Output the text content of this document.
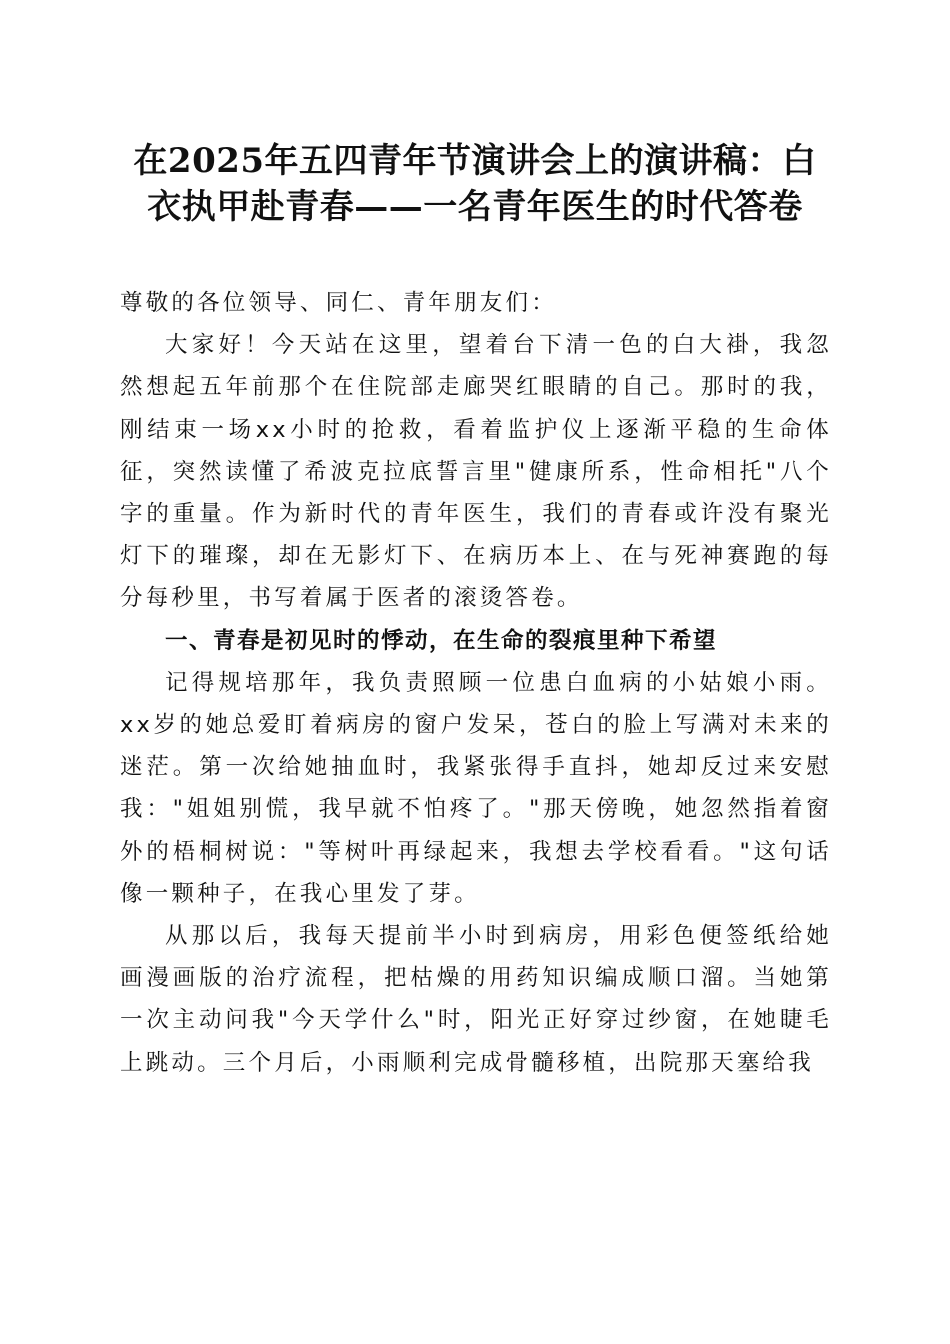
在2025年五四青年节演讲会上的演讲稿：白
衣执甲赴青春——一名青年医生的时代答卷

尊敬的各位领导、同仁、青年朋友们：

大家好！今天站在这里，望着台下清一色的白大褂，我忽然想起五年前那个在住院部走廊哭红眼睛的自己。那时的我，刚结束一场xx小时的抢救，看着监护仪上逐渐平稳的生命体征，突然读懂了希波克拉底誓言里"健康所系，性命相托"八个字的重量。作为新时代的青年医生，我们的青春或许没有聚光灯下的璀璨，却在无影灯下、在病历本上、在与死神赛跑的每分每秒里，书写着属于医者的滚烫答卷。

一、青春是初见时的悸动，在生命的裂痕里种下希望

记得规培那年，我负责照顾一位患白血病的小姑娘小雨。xx岁的她总爱盯着病房的窗户发呆，苍白的脸上写满对未来的迷茫。第一次给她抽血时，我紧张得手直抖，她却反过来安慰我："姐姐别慌，我早就不怕疼了。"那天傍晚，她忽然指着窗外的梧桐树说："等树叶再绿起来，我想去学校看看。"这句话像一颗种子，在我心里发了芽。

从那以后，我每天提前半小时到病房，用彩色便签纸给她画漫画版的治疗流程，把枯燥的用药知识编成顺口溜。当她第一次主动问我"今天学什么"时，阳光正好穿过纱窗，在她睫毛上跳动。三个月后，小雨顺利完成骨髓移植，出院那天塞给我
